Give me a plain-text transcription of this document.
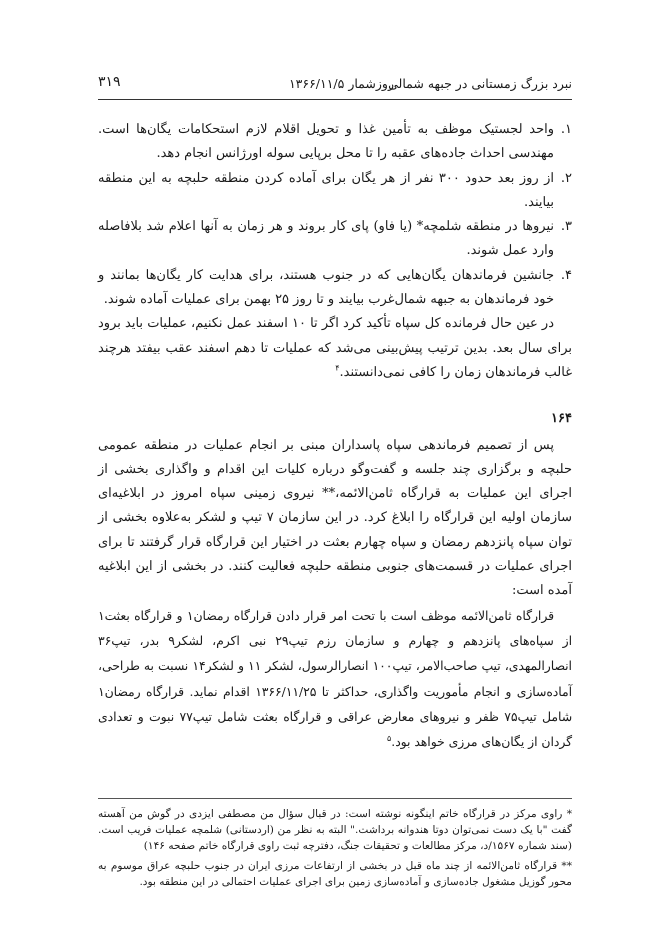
نبرد بزرگ زمستانی در جبهه شمالی
روزشمار ۱۳۶۶/۱۱/۵
۳۱۹

۱.
واحد لجستیک موظف به تأمین غذا و تحویل اقلام لازم استحکامات یگان‌ها است. مهندسی احداث جاده‌های عقبه را تا محل برپایی سوله اورژانس انجام دهد.

۲.
از روز بعد حدود ۳۰۰ نفر از هر یگان برای آماده کردن منطقه حلبچه به این منطقه بیایند.

۳.
نیروها در منطقه شلمچه* (یا فاو) پای کار بروند و هر زمان به آنها اعلام شد بلافاصله وارد عمل شوند.

۴.
جانشین فرماندهان یگان‌هایی که در جنوب هستند، برای هدایت کار یگان‌ها بمانند و خود فرماندهان به جبهه شمال‌غرب بیایند و تا روز ۲۵ بهمن برای عملیات آماده شوند.

در عین حال فرمانده کل سپاه تأکید کرد اگر تا ۱۰ اسفند عمل نکنیم، عملیات باید برود برای سال بعد. بدین ترتیب پیش‌بینی می‌شد که عملیات تا دهم اسفند عقب بیفتد هرچند غالب فرماندهان زمان را کافی نمی‌دانستند.$^۴$

۱۶۴

پس از تصمیم فرماندهی سپاه پاسداران مبنی بر انجام عملیات در منطقه عمومی حلبچه و برگزاری چند جلسه و گفت‌وگو درباره کلیات این اقدام و واگذاری بخشی از اجرای این عملیات به قرارگاه ثامن‌الائمه،** نیروی زمینی سپاه امروز در ابلاغیه‌ای سازمان اولیه این قرارگاه را ابلاغ کرد. در این سازمان ۷ تیپ و لشکر به‌علاوه بخشی از توان سپاه پانزدهم رمضان و سپاه چهارم بعثت در اختیار این قرارگاه قرار گرفتند تا برای اجرای عملیات در قسمت‌های جنوبی منطقه حلبچه فعالیت کنند. در بخشی از این ابلاغیه آمده است:

قرارگاه ثامن‌الائمه موظف است با تحت امر قرار دادن قرارگاه رمضان۱ و قرارگاه بعثت۱ از سپاه‌های پانزدهم و چهارم و سازمان رزم تیپ۲۹ نبی اکرم، لشکر۹ بدر، تیپ۳۶ انصارالمهدی، تیپ صاحب‌الامر، تیپ۱۰۰ انصارالرسول، لشکر ۱۱ و لشکر۱۴ نسبت به طراحی، آماده‌سازی و انجام مأموریت واگذاری، حداکثر تا ۱۳۶۶/۱۱/۲۵ اقدام نماید. قرارگاه رمضان۱ شامل تیپ۷۵ ظفر و نیروهای معارض عراقی و قرارگاه بعثت شامل تیپ۷۷ نبوت و تعدادی گردان از یگان‌های مرزی خواهد بود.$^۵$

* راوی مرکز در قرارگاه خاتم اینگونه نوشته است: در قبال سؤال من مصطفی ایزدی در گوش من آهسته گفت "با یک دست نمی‌توان دوتا هندوانه برداشت." البته به نظر من (اردستانی) شلمچه عملیات فریب است. (سند شماره ۱۵۶۷/د، مرکز مطالعات و تحقیقات جنگ، دفترچه ثبت راوی قرارگاه خاتم صفحه ۱۴۶)

** قرارگاه ثامن‌الائمه از چند ماه قبل در بخشی از ارتفاعات مرزی ایران در جنوب حلبچه عراق موسوم به محور گوزیل مشغول جاده‌سازی و آماده‌سازی زمین برای اجرای عملیات احتمالی در این منطقه بود.
